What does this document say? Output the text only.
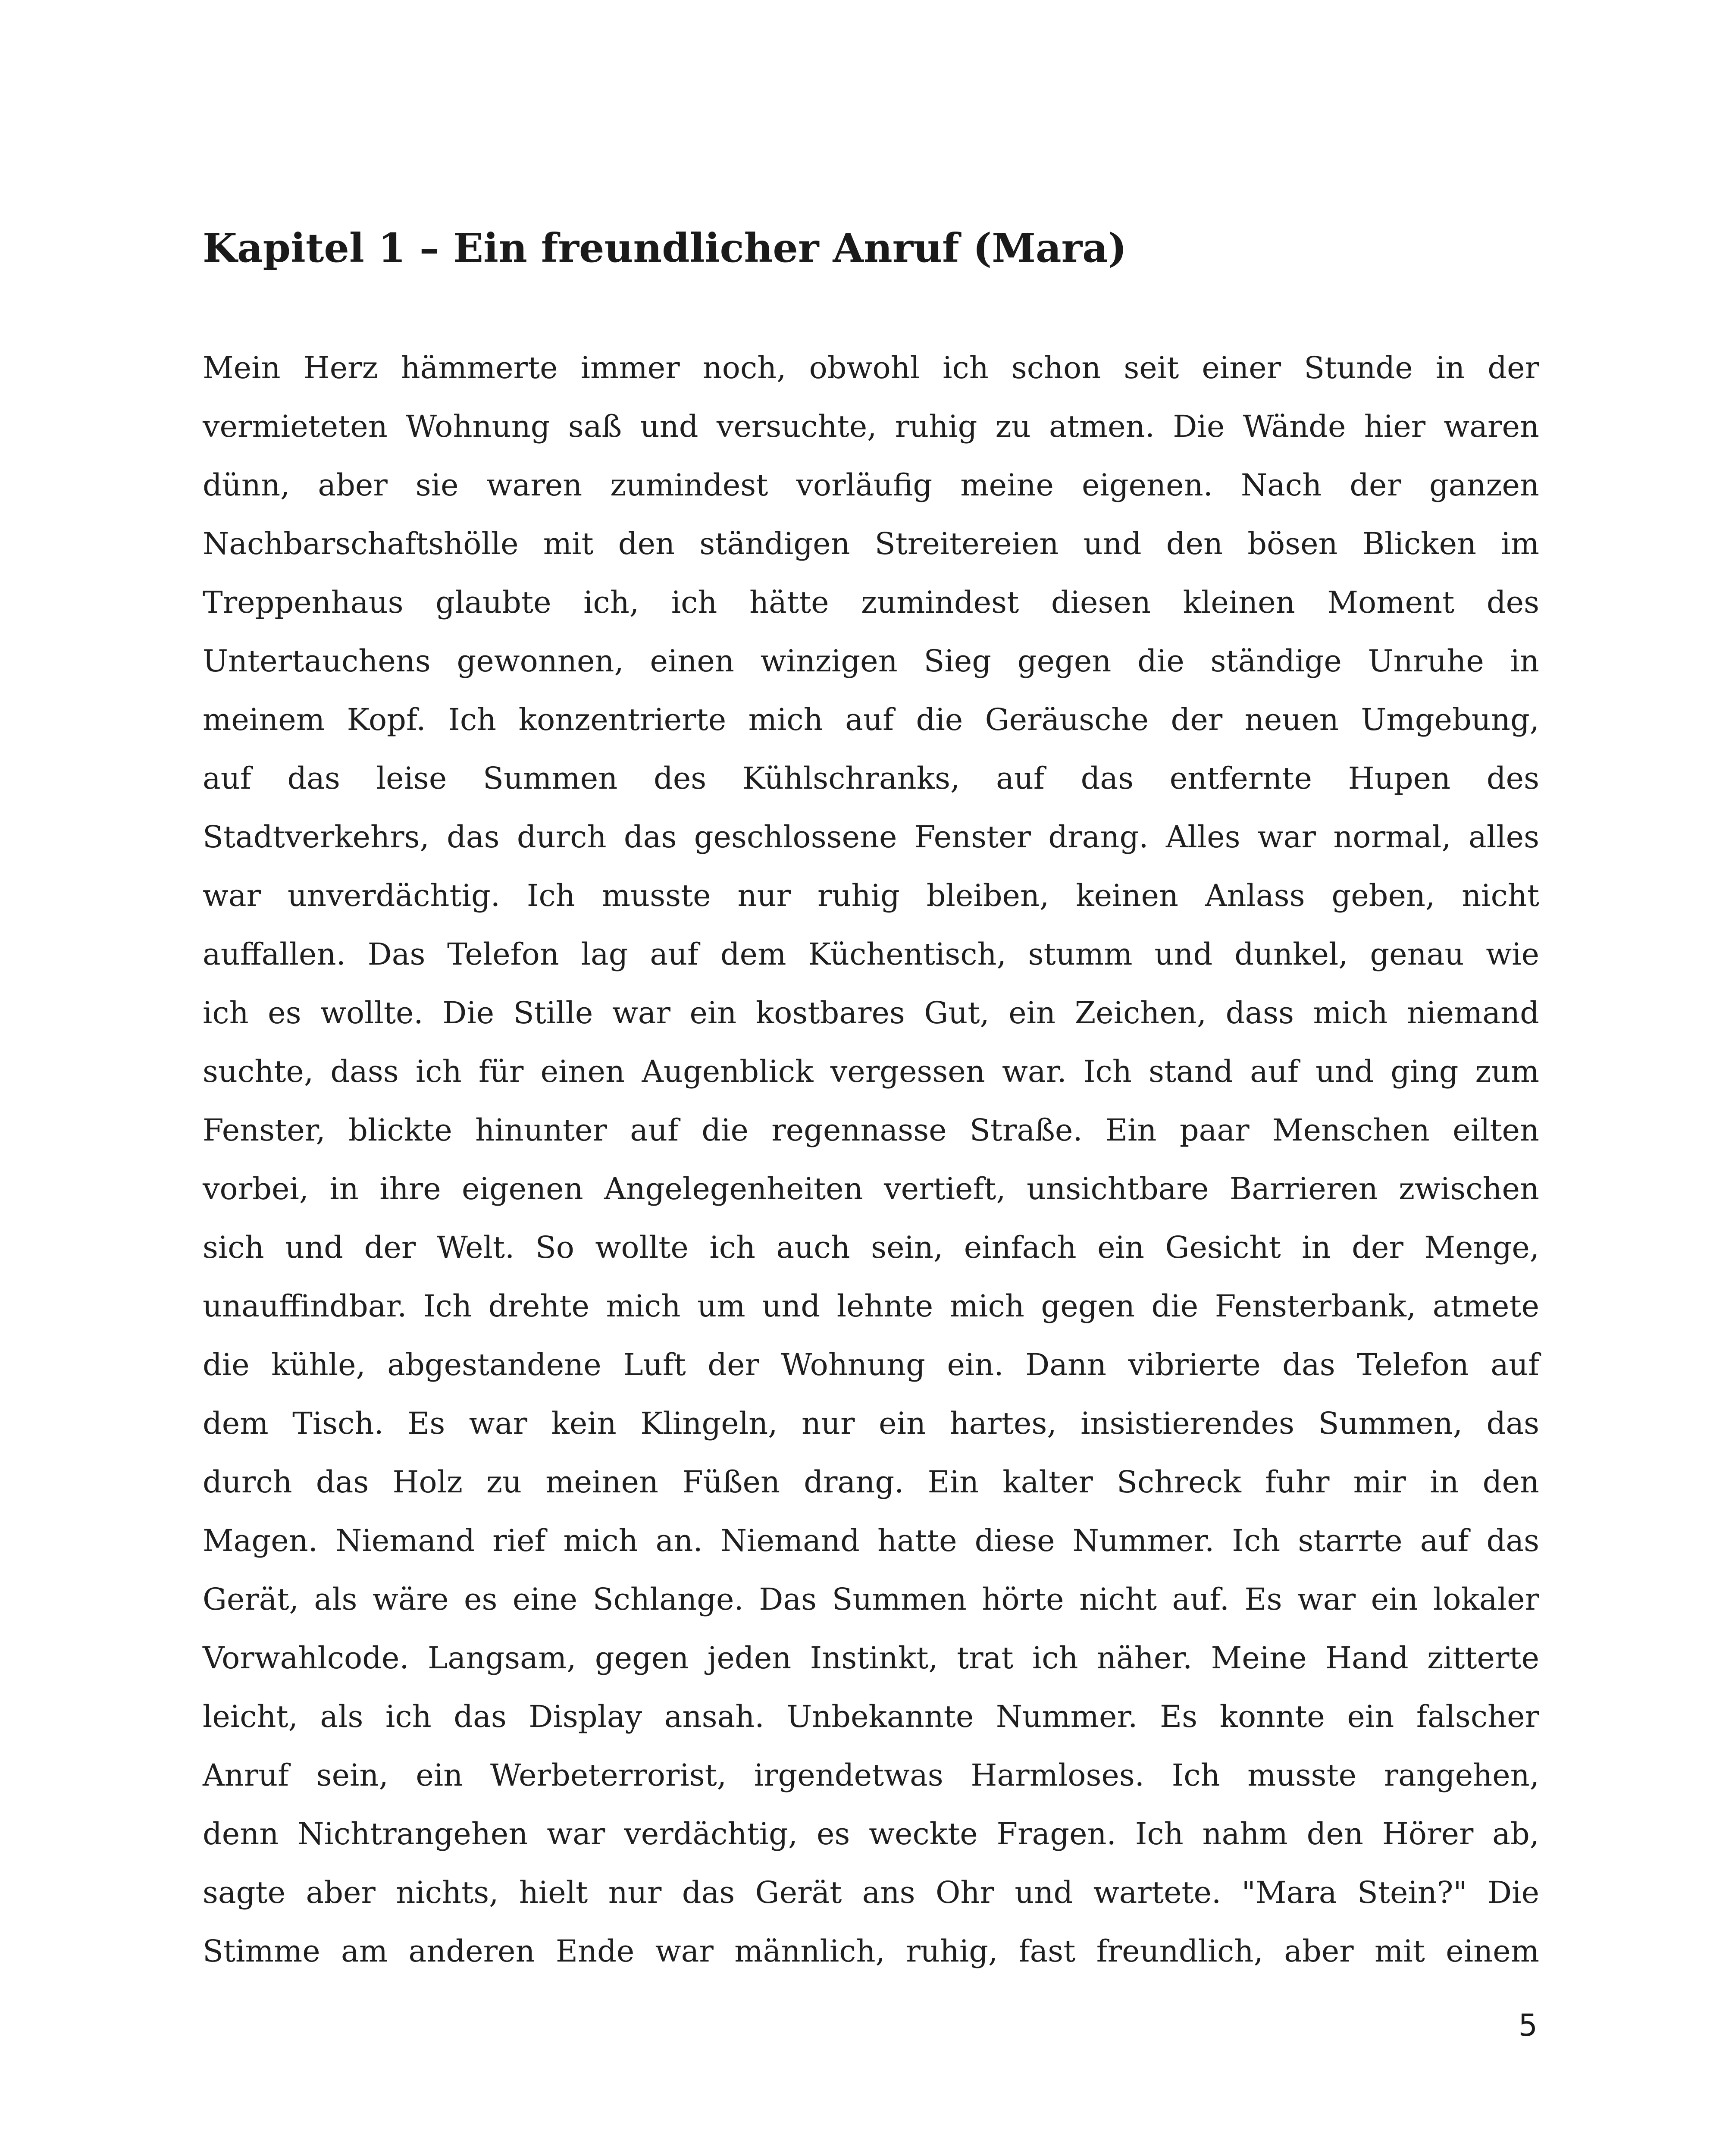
Kapitel 1 – Ein freundlicher Anruf (Mara)
Mein Herz hämmerte immer noch, obwohl ich schon seit einer Stunde in der
vermieteten Wohnung saß und versuchte, ruhig zu atmen. Die Wände hier waren
dünn, aber sie waren zumindest vorläufig meine eigenen. Nach der ganzen
Nachbarschaftshölle mit den ständigen Streitereien und den bösen Blicken im
Treppenhaus glaubte ich, ich hätte zumindest diesen kleinen Moment des
Untertauchens gewonnen, einen winzigen Sieg gegen die ständige Unruhe in
meinem Kopf. Ich konzentrierte mich auf die Geräusche der neuen Umgebung,
auf das leise Summen des Kühlschranks, auf das entfernte Hupen des
Stadtverkehrs, das durch das geschlossene Fenster drang. Alles war normal, alles
war unverdächtig. Ich musste nur ruhig bleiben, keinen Anlass geben, nicht
auffallen. Das Telefon lag auf dem Küchentisch, stumm und dunkel, genau wie
ich es wollte. Die Stille war ein kostbares Gut, ein Zeichen, dass mich niemand
suchte, dass ich für einen Augenblick vergessen war. Ich stand auf und ging zum
Fenster, blickte hinunter auf die regennasse Straße. Ein paar Menschen eilten
vorbei, in ihre eigenen Angelegenheiten vertieft, unsichtbare Barrieren zwischen
sich und der Welt. So wollte ich auch sein, einfach ein Gesicht in der Menge,
unauffindbar. Ich drehte mich um und lehnte mich gegen die Fensterbank, atmete
die kühle, abgestandene Luft der Wohnung ein. Dann vibrierte das Telefon auf
dem Tisch. Es war kein Klingeln, nur ein hartes, insistierendes Summen, das
durch das Holz zu meinen Füßen drang. Ein kalter Schreck fuhr mir in den
Magen. Niemand rief mich an. Niemand hatte diese Nummer. Ich starrte auf das
Gerät, als wäre es eine Schlange. Das Summen hörte nicht auf. Es war ein lokaler
Vorwahlcode. Langsam, gegen jeden Instinkt, trat ich näher. Meine Hand zitterte
leicht, als ich das Display ansah. Unbekannte Nummer. Es konnte ein falscher
Anruf sein, ein Werbeterrorist, irgendetwas Harmloses. Ich musste rangehen,
denn Nichtrangehen war verdächtig, es weckte Fragen. Ich nahm den Hörer ab,
sagte aber nichts, hielt nur das Gerät ans Ohr und wartete. "Mara Stein?" Die
Stimme am anderen Ende war männlich, ruhig, fast freundlich, aber mit einem
5
